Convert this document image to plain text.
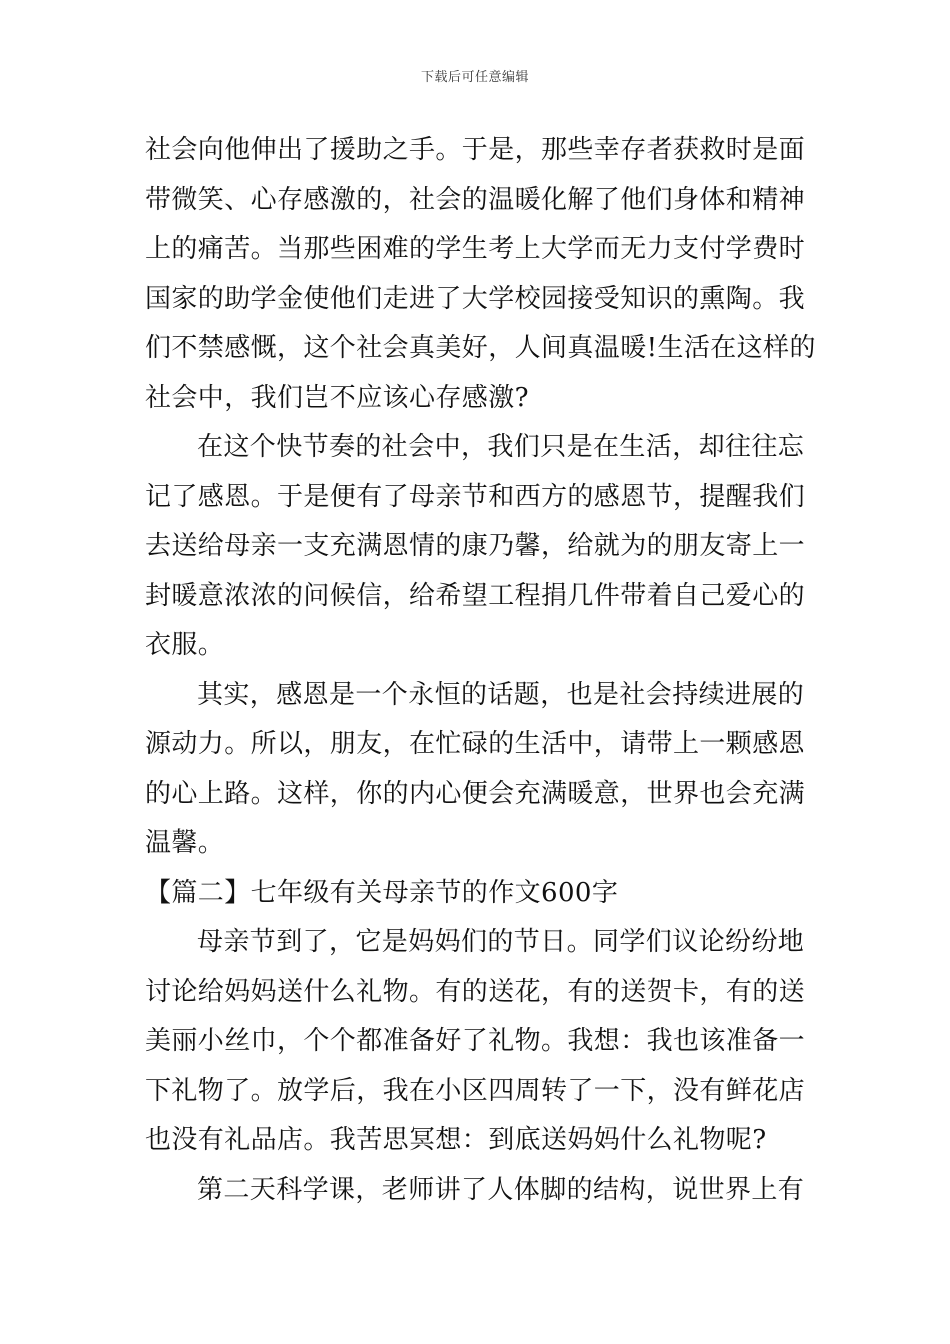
下载后可任意编辑
社会向他伸出了援助之手。于是，那些幸存者获救时是面
带微笑、心存感激的，社会的温暖化解了他们身体和精神
上的痛苦。当那些困难的学生考上大学而无力支付学费时
国家的助学金使他们走进了大学校园接受知识的熏陶。我
们不禁感慨，这个社会真美好，人间真温暖!生活在这样的
社会中，我们岂不应该心存感激?
在这个快节奏的社会中，我们只是在生活，却往往忘
记了感恩。于是便有了母亲节和西方的感恩节，提醒我们
去送给母亲一支充满恩情的康乃馨，给就为的朋友寄上一
封暖意浓浓的问候信，给希望工程捐几件带着自己爱心的
衣服。
其实，感恩是一个永恒的话题，也是社会持续进展的
源动力。所以，朋友，在忙碌的生活中，请带上一颗感恩
的心上路。这样，你的内心便会充满暖意，世界也会充满
温馨。
【篇二】七年级有关母亲节的作文600字
母亲节到了，它是妈妈们的节日。同学们议论纷纷地
讨论给妈妈送什么礼物。有的送花，有的送贺卡，有的送
美丽小丝巾，个个都准备好了礼物。我想：我也该准备一
下礼物了。放学后，我在小区四周转了一下，没有鲜花店
也没有礼品店。我苦思冥想：到底送妈妈什么礼物呢?
第二天科学课，老师讲了人体脚的结构，说世界上有
